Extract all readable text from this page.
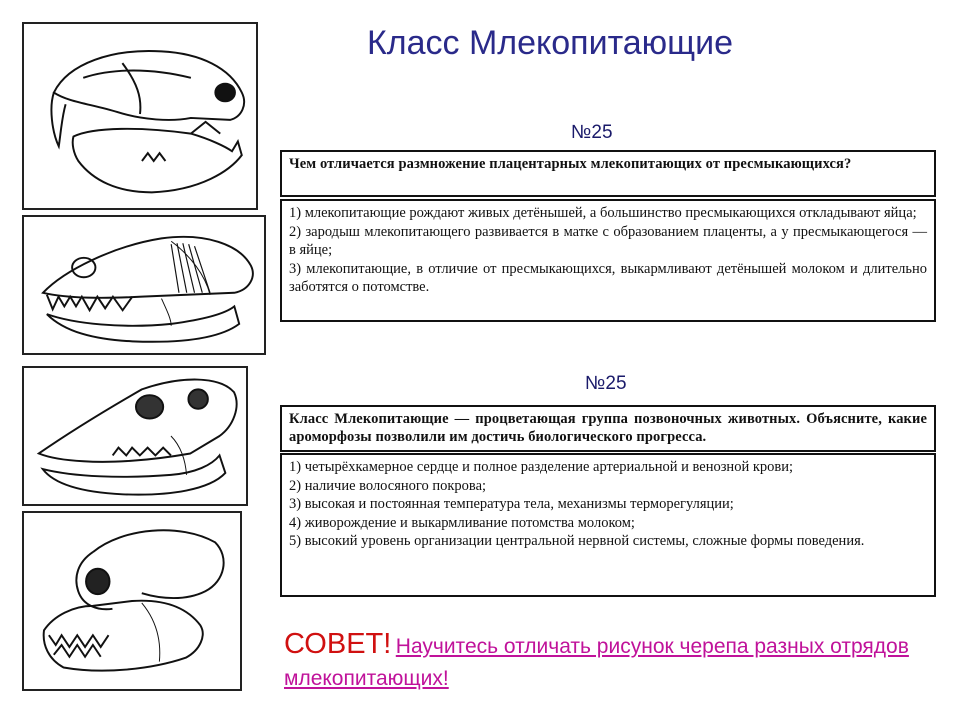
Класс Млекопитающие
№25
Чем отличается размножение плацентарных млекопитающих от пресмыкающихся?
1) млекопитающие рождают живых детёнышей, а большинство пресмыкающихся откладывают яйца;
2) зародыш млекопитающего развивается в матке с образованием плаценты, а у пресмыкающегося — в яйце;
3) млекопитающие, в отличие от пресмыкающихся, выкармливают детёнышей молоком и длительно заботятся о потомстве.
№25
Класс Млекопитающие — процветающая группа позвоночных животных. Объясните, какие ароморфозы позволили им достичь биологического прогресса.
1) четырёхкамерное сердце и полное разделение артериальной и венозной крови;
2) наличие волосяного покрова;
3) высокая и постоянная температура тела, механизмы терморегуляции;
4) живорождение и выкармливание потомства молоком;
5) высокий уровень организации центральной нервной системы, сложные формы поведения.
СОВЕТ! Научитесь отличать рисунок черепа разных отрядов млекопитающих!
